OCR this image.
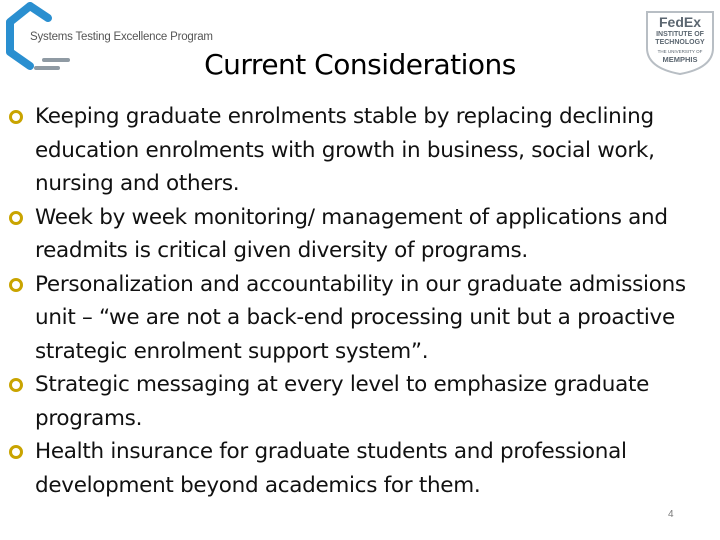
Systems Testing Excellence Program
FedEx
INSTITUTE OF
TECHNOLOGY
THE UNIVERSITY OF
MEMPHIS
Current Considerations
Keeping graduate enrolments stable by replacing declining education enrolments with growth in business, social work, nursing and others.
Week by week monitoring/ management of applications and readmits is critical given diversity of programs.
Personalization and accountability in our graduate admissions unit – “we are not a back-end processing unit but a proactive strategic enrolment support system”.
Strategic messaging at every level to emphasize graduate programs.
Health insurance for graduate students and professional development beyond academics for them.
4
